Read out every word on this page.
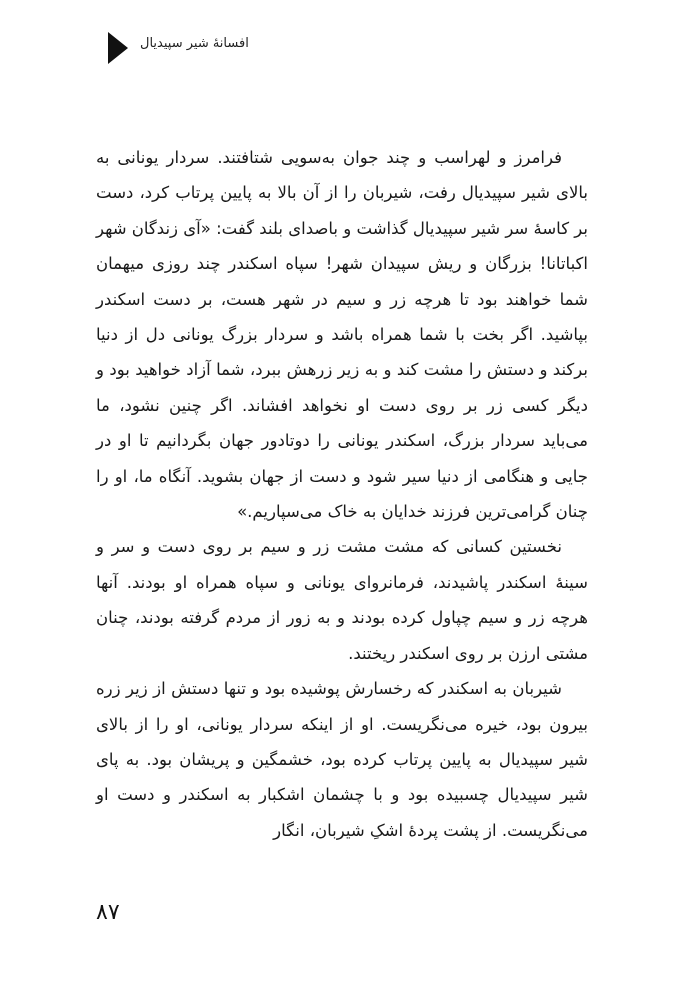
افسانهٔ شیر سپیدیال

فرامرز و لهراسب و چند جوان به‌سویی شتافتند. سردار یونانی به بالای شیر سپیدیال رفت، شیربان را از آن بالا به پایین پرتاب کرد، دست بر کاسهٔ سر شیر سپیدیال گذاشت و باصدای بلند گفت: «آی زندگان شهر اکباتانا! بزرگان و ریش سپیدان شهر! سپاه اسکندر چند روزی میهمان شما خواهند بود تا هرچه زر و سیم در شهر هست، بر دست اسکندر بپاشید. اگر بخت با شما همراه باشد و سردار بزرگ یونانی دل از دنیا برکند و دستش را مشت کند و به زیر زرهش ببرد، شما آزاد خواهید بود و دیگر کسی زر بر روی دست او نخواهد افشاند. اگر چنین نشود، ما می‌باید سردار بزرگ، اسکندر یونانی را دوتادور جهان بگردانیم تا او در جایی و هنگامی از دنیا سیر شود و دست از جهان بشوید. آنگاه ما، او را چنان گرامی‌ترین فرزند خدایان به خاک می‌سپاریم.»

نخستین کسانی که مشت مشت زر و سیم بر روی دست و سر و سینهٔ اسکندر پاشیدند، فرمانروای یونانی و سپاه همراه او بودند. آنها هرچه زر و سیم چپاول کرده بودند و به زور از مردم گرفته بودند، چنان مشتی ارزن بر روی اسکندر ریختند.

شیربان به اسکندر که رخسارش پوشیده بود و تنها دستش از زیر زره بیرون بود، خیره می‌نگریست. او از اینکه سردار یونانی، او را از بالای شیر سپیدیال به پایین پرتاب کرده بود، خشمگین و پریشان بود. به پای شیر سپیدیال چسبیده بود و با چشمان اشکبار به اسکندر و دست او می‌نگریست. از پشت پردهٔ اشکِ شیربان، انگار

۸۷
